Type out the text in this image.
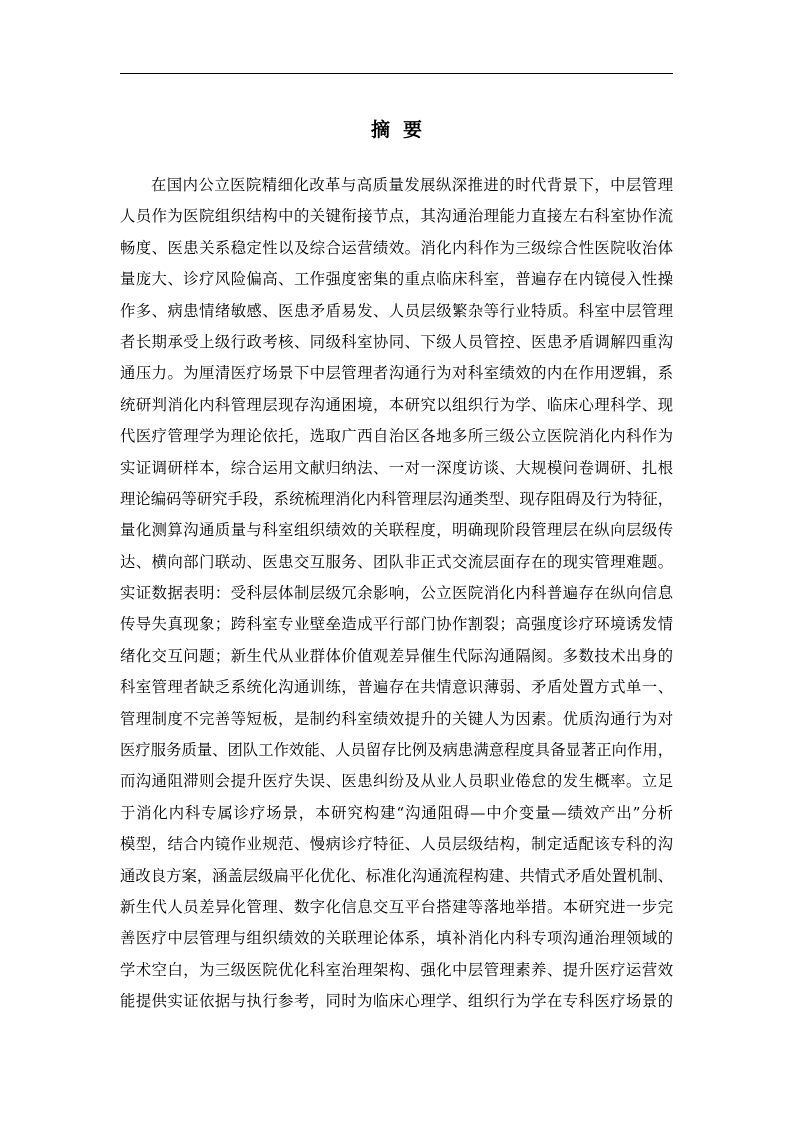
摘要
在国内公立医院精细化改革与高质量发展纵深推进的时代背景下，中层管理
人员作为医院组织结构中的关键衔接节点，其沟通治理能力直接左右科室协作流
畅度、医患关系稳定性以及综合运营绩效。消化内科作为三级综合性医院收治体
量庞大、诊疗风险偏高、工作强度密集的重点临床科室，普遍存在内镜侵入性操
作多、病患情绪敏感、医患矛盾易发、人员层级繁杂等行业特质。科室中层管理
者长期承受上级行政考核、同级科室协同、下级人员管控、医患矛盾调解四重沟
通压力。为厘清医疗场景下中层管理者沟通行为对科室绩效的内在作用逻辑，系
统研判消化内科管理层现存沟通困境，本研究以组织行为学、临床心理科学、现
代医疗管理学为理论依托，选取广西自治区各地多所三级公立医院消化内科作为
实证调研样本，综合运用文献归纳法、一对一深度访谈、大规模问卷调研、扎根
理论编码等研究手段，系统梳理消化内科管理层沟通类型、现存阻碍及行为特征，
量化测算沟通质量与科室组织绩效的关联程度，明确现阶段管理层在纵向层级传
达、横向部门联动、医患交互服务、团队非正式交流层面存在的现实管理难题。
实证数据表明：受科层体制层级冗余影响，公立医院消化内科普遍存在纵向信息
传导失真现象；跨科室专业壁垒造成平行部门协作割裂；高强度诊疗环境诱发情
绪化交互问题；新生代从业群体价值观差异催生代际沟通隔阂。多数技术出身的
科室管理者缺乏系统化沟通训练，普遍存在共情意识薄弱、矛盾处置方式单一、
管理制度不完善等短板，是制约科室绩效提升的关键人为因素。优质沟通行为对
医疗服务质量、团队工作效能、人员留存比例及病患满意程度具备显著正向作用，
而沟通阻滞则会提升医疗失误、医患纠纷及从业人员职业倦怠的发生概率。立足
于消化内科专属诊疗场景，本研究构建“沟通阻碍—中介变量—绩效产出”分析
模型，结合内镜作业规范、慢病诊疗特征、人员层级结构，制定适配该专科的沟
通改良方案，涵盖层级扁平化优化、标准化沟通流程构建、共情式矛盾处置机制、
新生代人员差异化管理、数字化信息交互平台搭建等落地举措。本研究进一步完
善医疗中层管理与组织绩效的关联理论体系，填补消化内科专项沟通治理领域的
学术空白，为三级医院优化科室治理架构、强化中层管理素养、提升医疗运营效
能提供实证依据与执行参考，同时为临床心理学、组织行为学在专科医疗场景的
